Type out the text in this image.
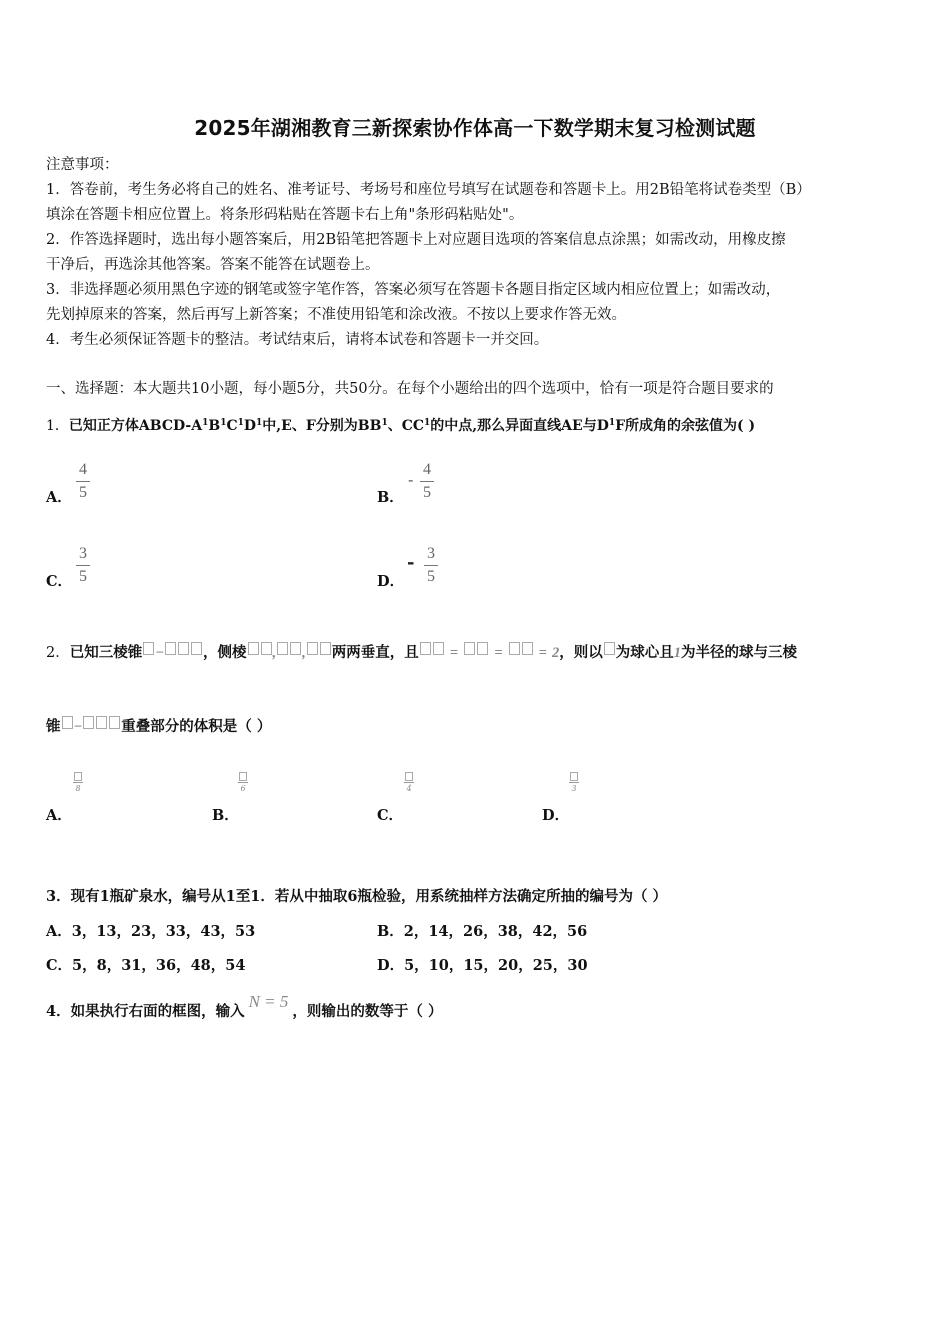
2025年湖湘教育三新探索协作体高一下数学期末复习检测试题
注意事项：
1．答卷前，考生务必将自己的姓名、准考证号、考场号和座位号填写在试题卷和答题卡上。用2B铅笔将试卷类型（B）
填涂在答题卡相应位置上。将条形码粘贴在答题卡右上角"条形码粘贴处"。
2．作答选择题时，选出每小题答案后，用2B铅笔把答题卡上对应题目选项的答案信息点涂黑；如需改动，用橡皮擦
干净后，再选涂其他答案。答案不能答在试题卷上。
3．非选择题必须用黑色字迹的钢笔或签字笔作答，答案必须写在答题卡各题目指定区域内相应位置上；如需改动，
先划掉原来的答案，然后再写上新答案；不准使用铅笔和涂改液。不按以上要求作答无效。
4．考生必须保证答题卡的整洁。考试结束后，请将本试卷和答题卡一并交回。
一、选择题：本大题共10小题，每小题5分，共50分。在每个小题给出的四个选项中，恰有一项是符合题目要求的
1．已知正方体ABCD-$A^1B^1C^1D^1$中,E、F分别为$BB^1$、$CC^1$的中点,那么异面直线AE与$D^1F$所成角的余弦值为( )
A．
4
5	B．
-
4
5
C．
3
5	D．
- 3
5
2．已知三棱锥 −	，侧棱 , , 两两垂直，且 = = = 2，则以 为球心且1为半径的球与三棱
锥 −	重叠部分的体积是（ ）
A．
8
B．
6
C．
4
D．
3
3．现有1瓶矿泉水，编号从1至1．若从中抽取6瓶检验，用系统抽样方法确定所抽的编号为（ ）
A．3，13，23，33，43，53	B．2，14，26，38，42，56
C．5，8，31，36，48，54	D．5，10，15，20，25，30
4．如果执行右面的框图，输入N = 5，则输出的数等于（ ）
